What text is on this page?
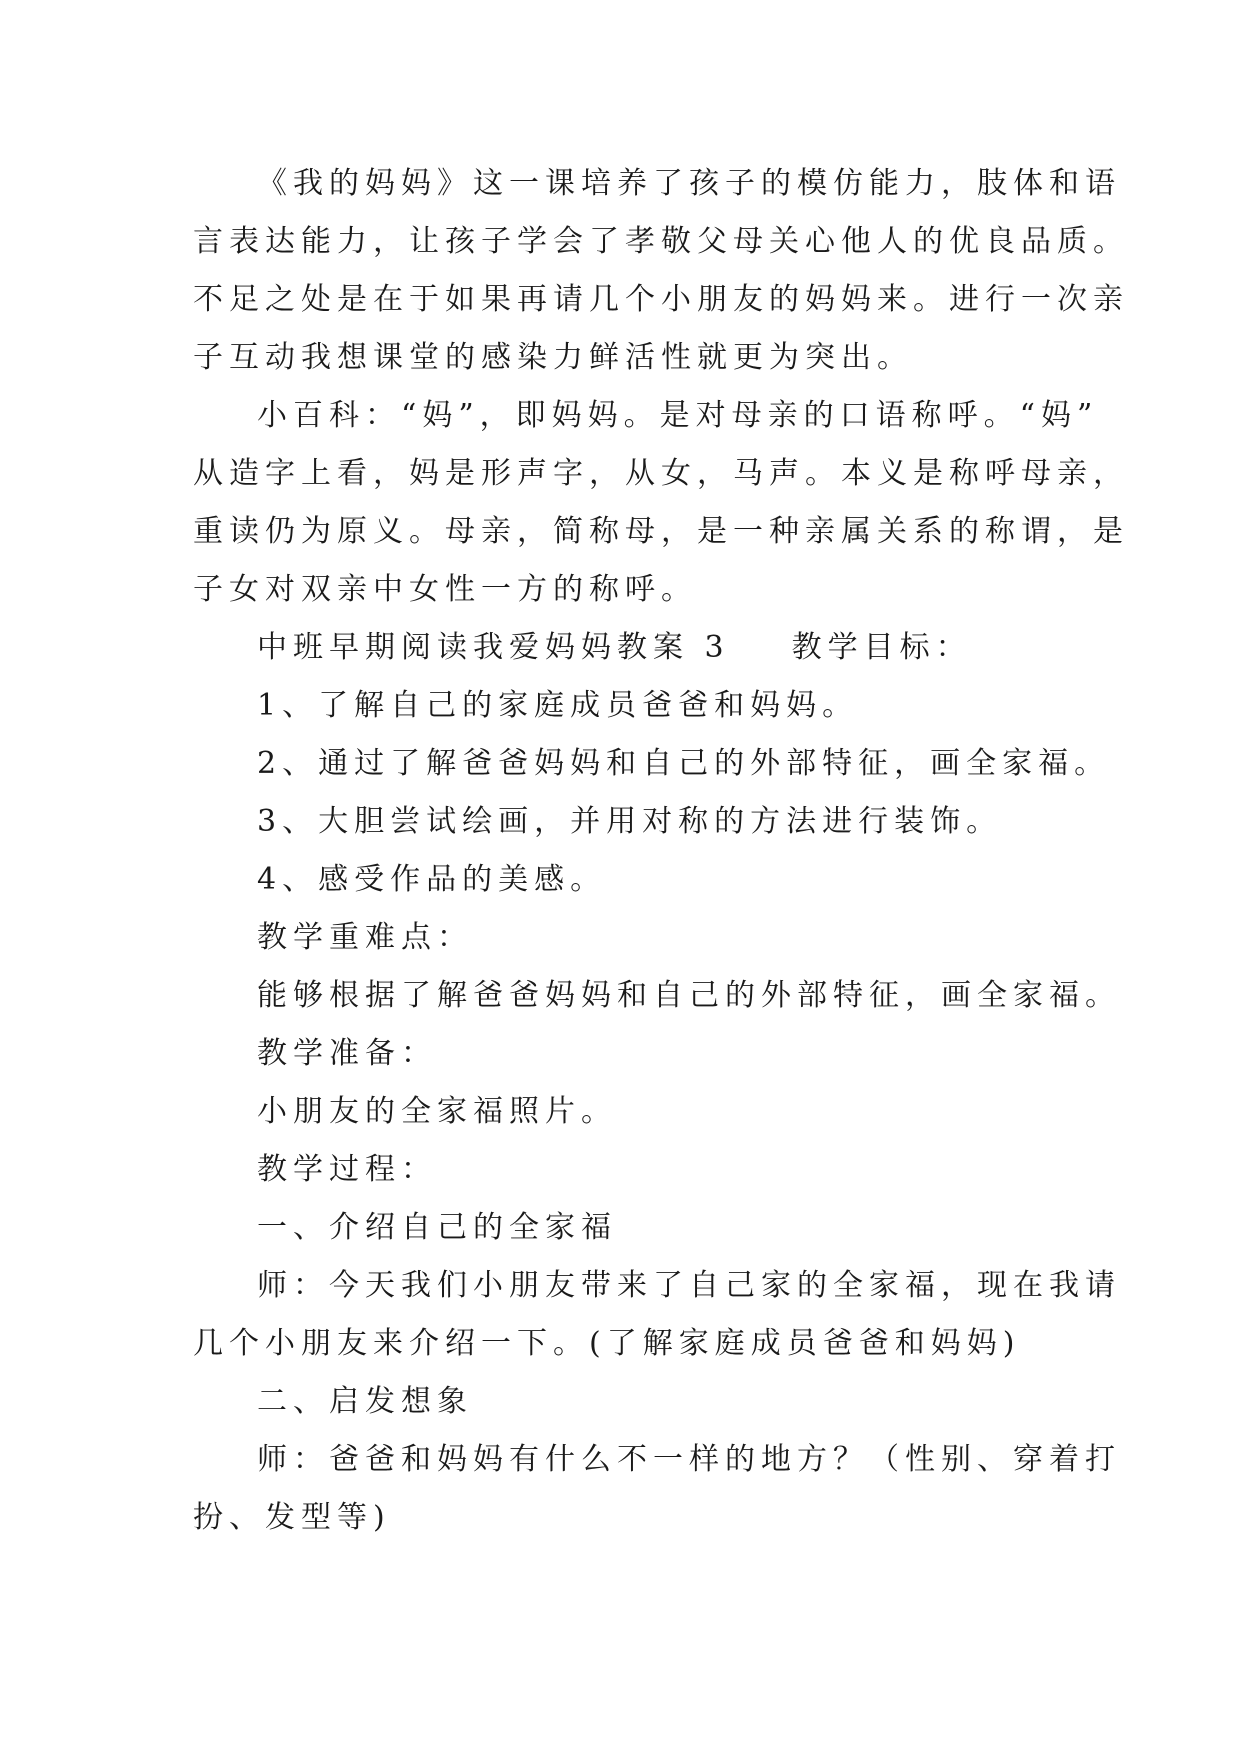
《我的妈妈》这一课培养了孩子的模仿能力，肢体和语
言表达能力，让孩子学会了孝敬父母关心他人的优良品质。
不足之处是在于如果再请几个小朋友的妈妈来。进行一次亲
子互动我想课堂的感染力鲜活性就更为突出。
小百科：“妈”，即妈妈。是对母亲的口语称呼。“妈”
从造字上看，妈是形声字，从女，马声。本义是称呼母亲，
重读仍为原义。母亲，简称母，是一种亲属关系的称谓，是
子女对双亲中女性一方的称呼。
中班早期阅读我爱妈妈教案 3 教学目标：
1、了解自己的家庭成员爸爸和妈妈。
2、通过了解爸爸妈妈和自己的外部特征，画全家福。
3、大胆尝试绘画，并用对称的方法进行装饰。
4、感受作品的美感。
教学重难点：
能够根据了解爸爸妈妈和自己的外部特征，画全家福。
教学准备：
小朋友的全家福照片。
教学过程：
一、介绍自己的全家福
师：今天我们小朋友带来了自己家的全家福，现在我请
几个小朋友来介绍一下。(了解家庭成员爸爸和妈妈)
二、启发想象
师：爸爸和妈妈有什么不一样的地方？（性别、穿着打
扮、发型等)
